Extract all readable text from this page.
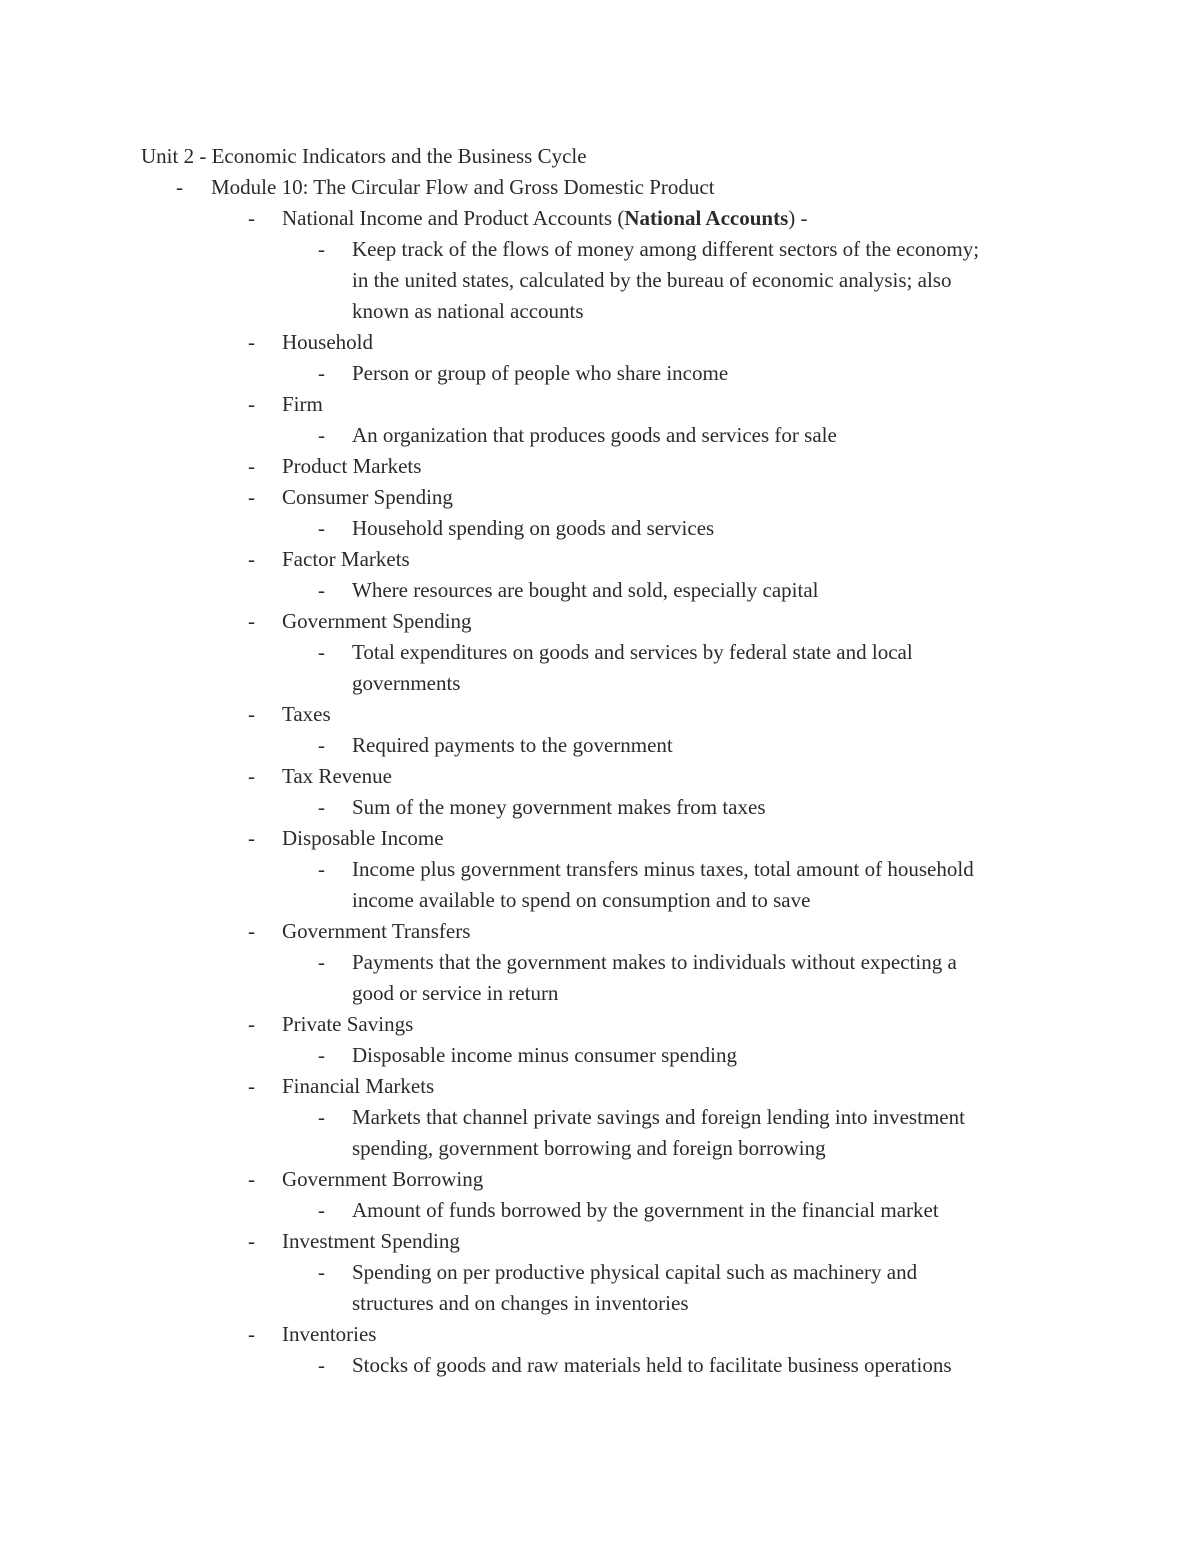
Unit 2 - Economic Indicators and the Business Cycle
- Module 10: The Circular Flow and Gross Domestic Product
- National Income and Product Accounts (National Accounts) -
- Keep track of the flows of money among different sectors of the economy;
in the united states, calculated by the bureau of economic analysis; also
known as national accounts
- Household
- Person or group of people who share income
- Firm
- An organization that produces goods and services for sale
- Product Markets
- Consumer Spending
- Household spending on goods and services
- Factor Markets
- Where resources are bought and sold, especially capital
- Government Spending
- Total expenditures on goods and services by federal state and local
governments
- Taxes
- Required payments to the government
- Tax Revenue
- Sum of the money government makes from taxes
- Disposable Income
- Income plus government transfers minus taxes, total amount of household
income available to spend on consumption and to save
- Government Transfers
- Payments that the government makes to individuals without expecting a
good or service in return
- Private Savings
- Disposable income minus consumer spending
- Financial Markets
- Markets that channel private savings and foreign lending into investment
spending, government borrowing and foreign borrowing
- Government Borrowing
- Amount of funds borrowed by the government in the financial market
- Investment Spending
- Spending on per productive physical capital such as machinery and
structures and on changes in inventories
- Inventories
- Stocks of goods and raw materials held to facilitate business operations
